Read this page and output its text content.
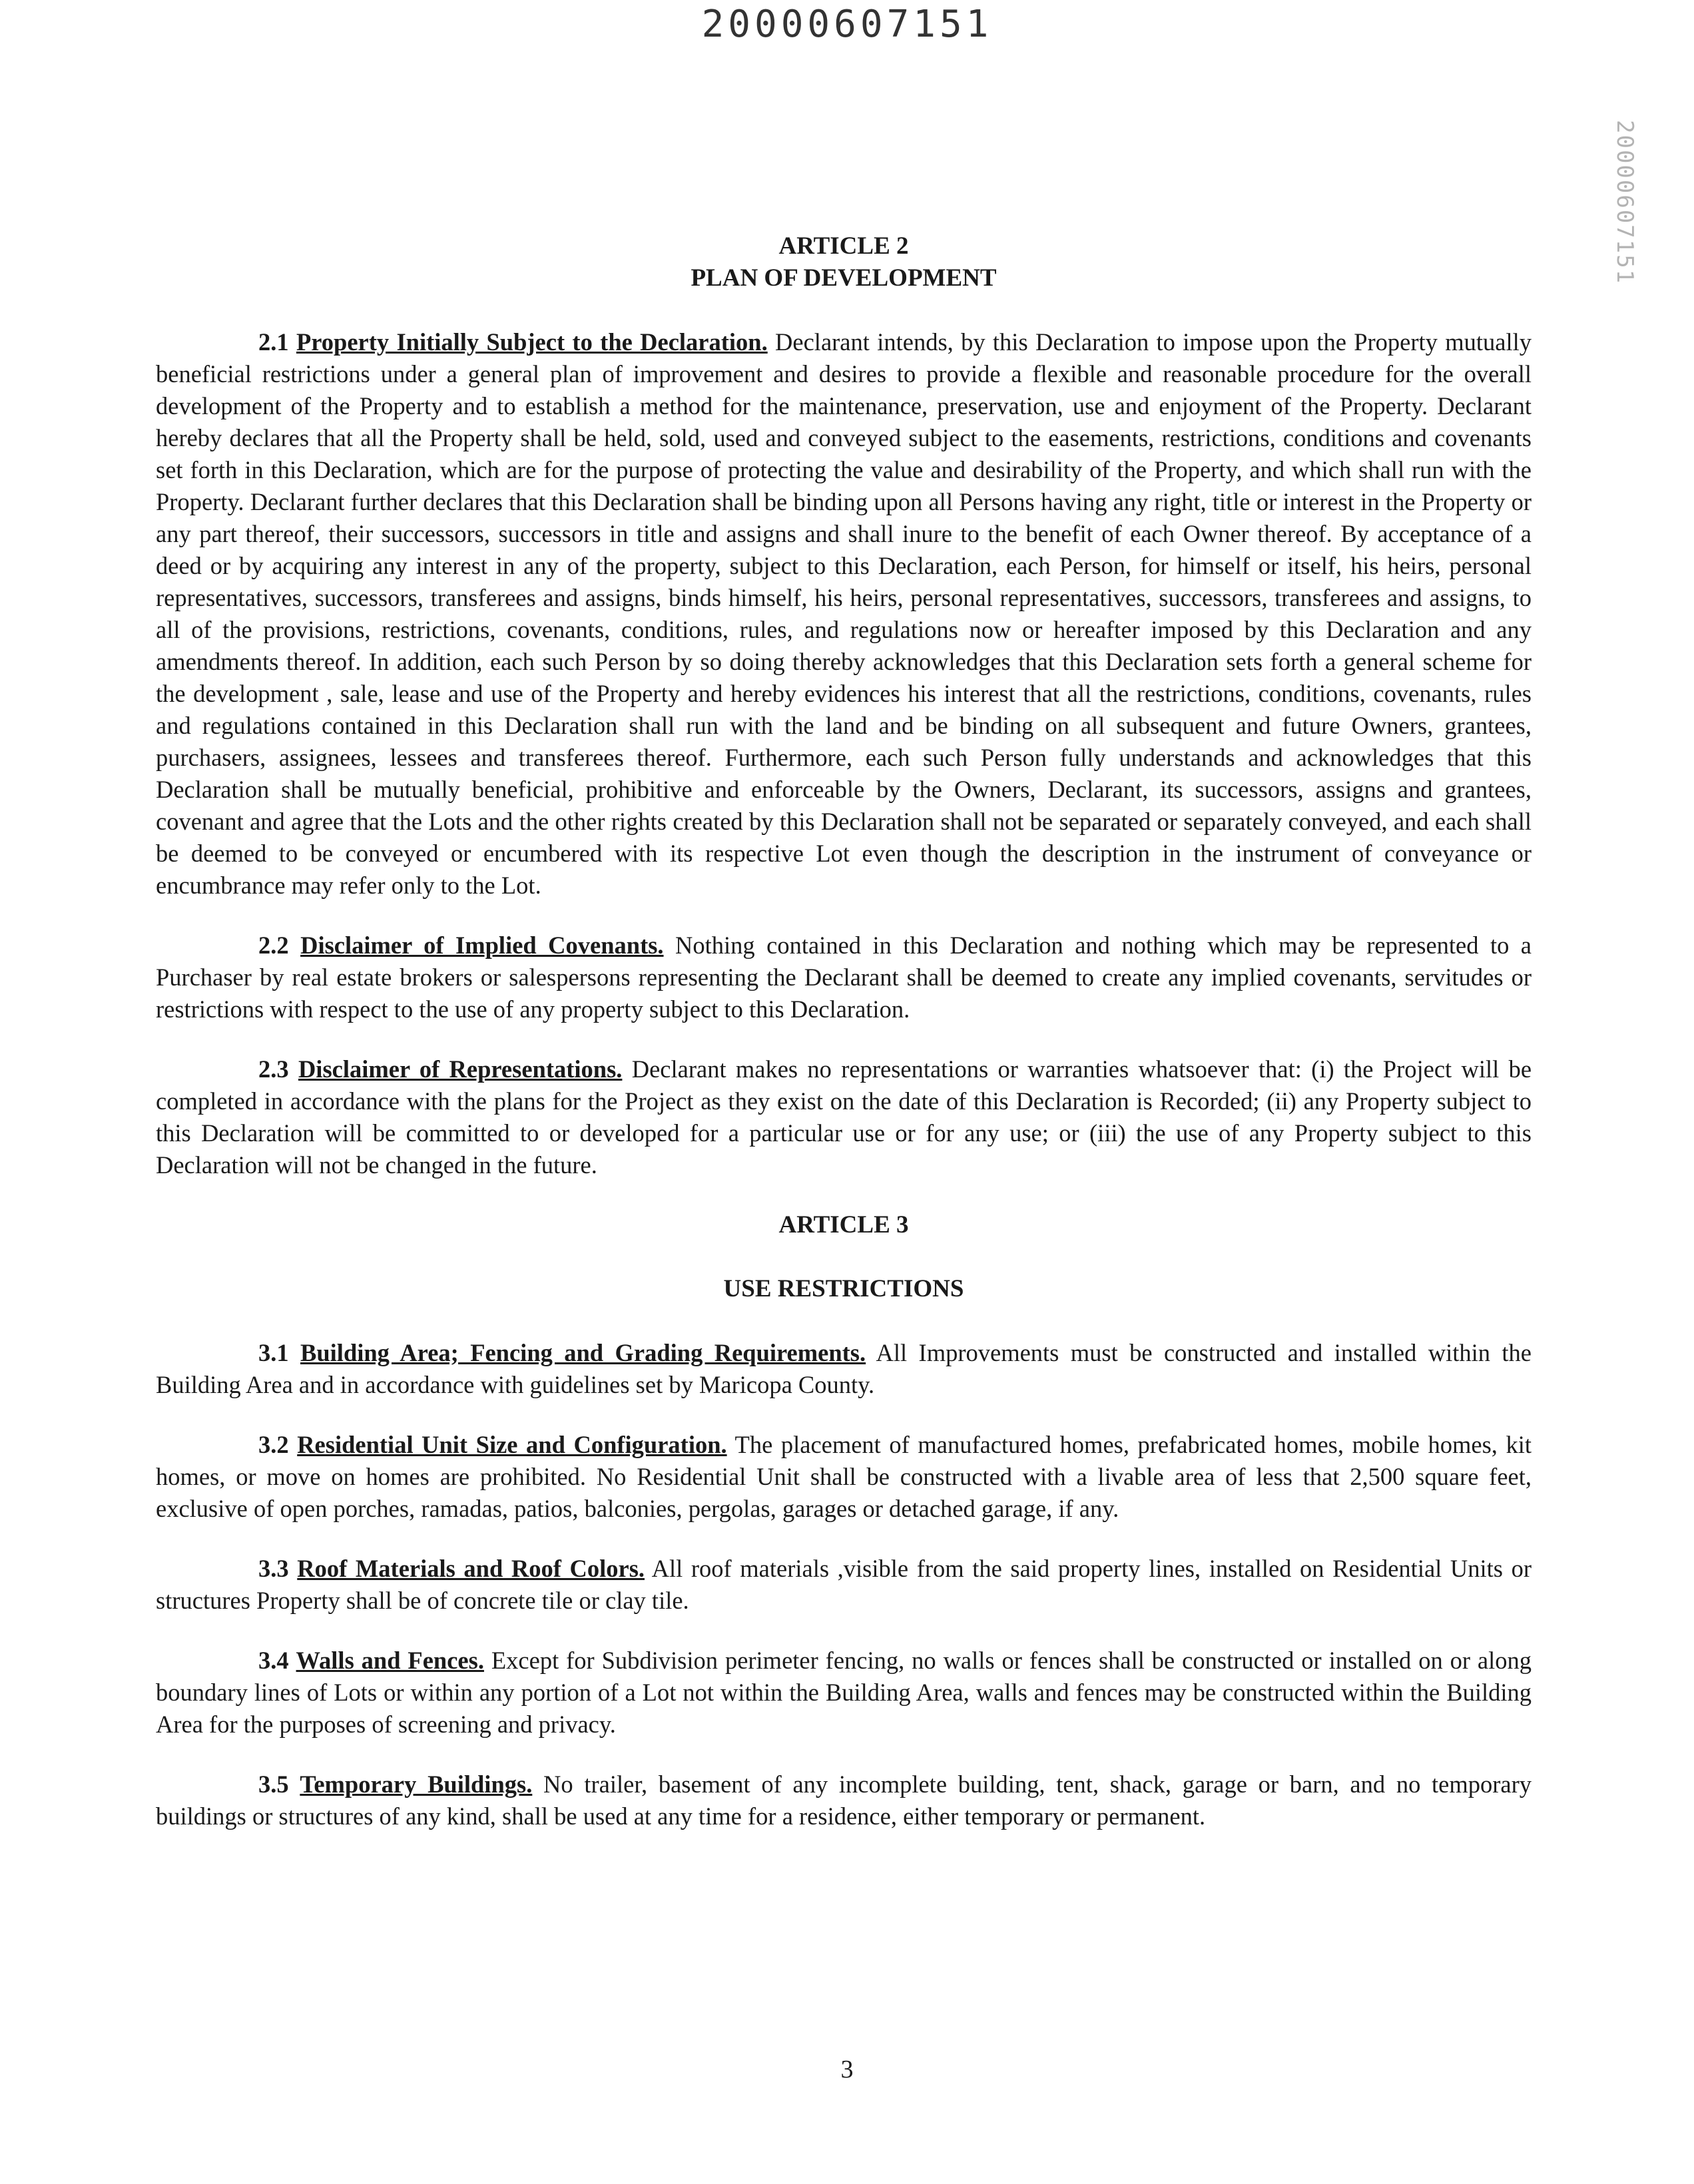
20000607151
20000607151

ARTICLE 2

PLAN OF DEVELOPMENT

2.1 Property Initially Subject to the Declaration. Declarant intends, by this Declaration to impose upon the Property mutually beneficial restrictions under a general plan of improvement and desires to provide a flexible and reasonable procedure for the overall development of the Property and to establish a method for the maintenance, preservation, use and enjoyment of the Property. Declarant hereby declares that all the Property shall be held, sold, used and conveyed subject to the easements, restrictions, conditions and covenants set forth in this Declaration, which are for the purpose of protecting the value and desirability of the Property, and which shall run with the Property. Declarant further declares that this Declaration shall be binding upon all Persons having any right, title or interest in the Property or any part thereof, their successors, successors in title and assigns and shall inure to the benefit of each Owner thereof. By acceptance of a deed or by acquiring any interest in any of the property, subject to this Declaration, each Person, for himself or itself, his heirs, personal representatives, successors, transferees and assigns, binds himself, his heirs, personal representatives, successors, transferees and assigns, to all of the provisions, restrictions, covenants, conditions, rules, and regulations now or hereafter imposed by this Declaration and any amendments thereof. In addition, each such Person by so doing thereby acknowledges that this Declaration sets forth a general scheme for the development , sale, lease and use of the Property and hereby evidences his interest that all the restrictions, conditions, covenants, rules and regulations contained in this Declaration shall run with the land and be binding on all subsequent and future Owners, grantees, purchasers, assignees, lessees and transferees thereof. Furthermore, each such Person fully understands and acknowledges that this Declaration shall be mutually beneficial, prohibitive and enforceable by the Owners, Declarant, its successors, assigns and grantees, covenant and agree that the Lots and the other rights created by this Declaration shall not be separated or separately conveyed, and each shall be deemed to be conveyed or encumbered with its respective Lot even though the description in the instrument of conveyance or encumbrance may refer only to the Lot.

2.2 Disclaimer of Implied Covenants. Nothing contained in this Declaration and nothing which may be represented to a Purchaser by real estate brokers or salespersons representing the Declarant shall be deemed to create any implied covenants, servitudes or restrictions with respect to the use of any property subject to this Declaration.

2.3 Disclaimer of Representations. Declarant makes no representations or warranties whatsoever that: (i) the Project will be completed in accordance with the plans for the Project as they exist on the date of this Declaration is Recorded; (ii) any Property subject to this Declaration will be committed to or developed for a particular use or for any use; or (iii) the use of any Property subject to this Declaration will not be changed in the future.

ARTICLE 3

USE RESTRICTIONS

3.1 Building Area; Fencing and Grading Requirements. All Improvements must be constructed and installed within the Building Area and in accordance with guidelines set by Maricopa County.

3.2 Residential Unit Size and Configuration. The placement of manufactured homes, prefabricated homes, mobile homes, kit homes, or move on homes are prohibited. No Residential Unit shall be constructed with a livable area of less that 2,500 square feet, exclusive of open porches, ramadas, patios, balconies, pergolas, garages or detached garage, if any.

3.3 Roof Materials and Roof Colors. All roof materials ,visible from the said property lines, installed on Residential Units or structures Property shall be of concrete tile or clay tile.

3.4 Walls and Fences. Except for Subdivision perimeter fencing, no walls or fences shall be constructed or installed on or along boundary lines of Lots or within any portion of a Lot not within the Building Area, walls and fences may be constructed within the Building Area for the purposes of screening and privacy.

3.5 Temporary Buildings. No trailer, basement of any incomplete building, tent, shack, garage or barn, and no temporary buildings or structures of any kind, shall be used at any time for a residence, either temporary or permanent.

3
